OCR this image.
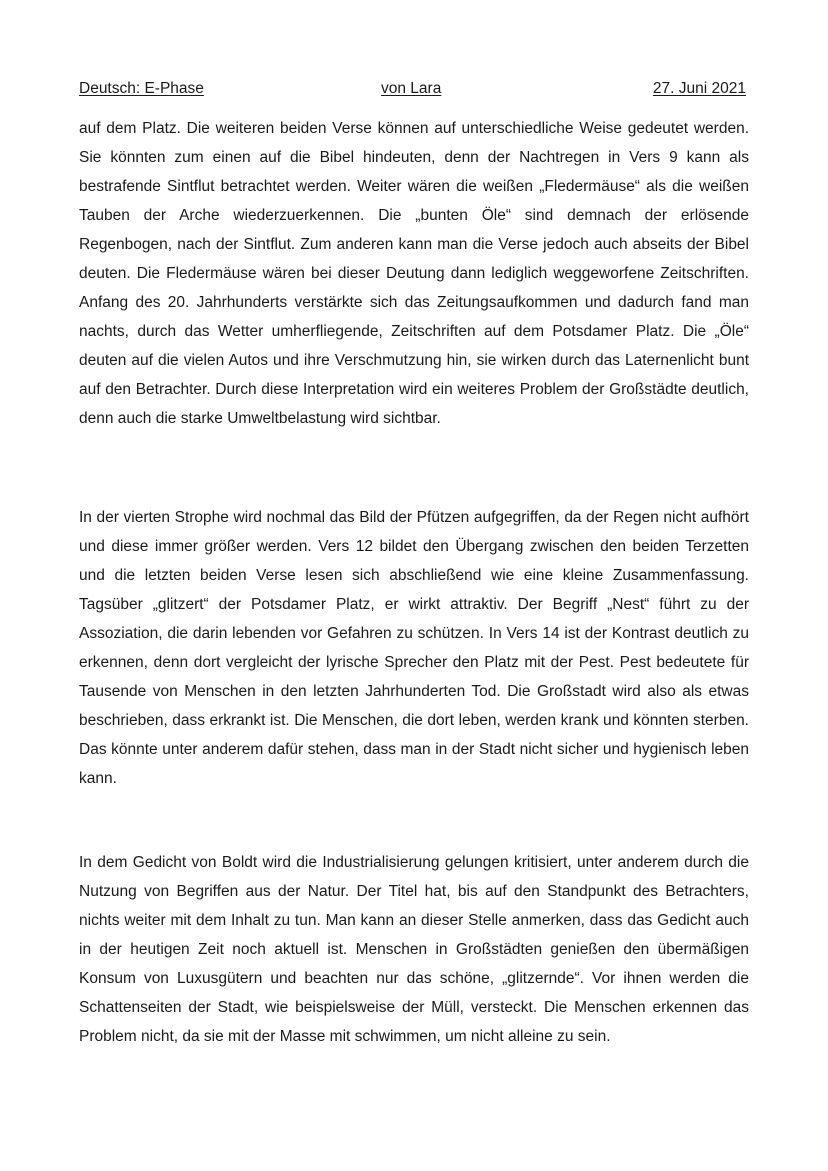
Deutsch: E-Phase	von Lara	27. Juni 2021

auf dem Platz. Die weiteren beiden Verse können auf unterschiedliche Weise gedeutet werden. Sie könnten zum einen auf die Bibel hindeuten, denn der Nachtregen in Vers 9 kann als bestrafende Sintflut betrachtet werden. Weiter wären die weißen „Fledermäuse“ als die weißen Tauben der Arche wiederzuerkennen. Die „bunten Öle“ sind demnach der erlösende Regenbogen, nach der Sintflut. Zum anderen kann man die Verse jedoch auch abseits der Bibel deuten. Die Fledermäuse wären bei dieser Deutung dann lediglich weggeworfene Zeitschriften. Anfang des 20. Jahrhunderts verstärkte sich das Zeitungsaufkommen und dadurch fand man nachts, durch das Wetter umherfliegende, Zeitschriften auf dem Potsdamer Platz. Die „Öle“ deuten auf die vielen Autos und ihre Verschmutzung hin, sie wirken durch das Laternenlicht bunt auf den Betrachter. Durch diese Interpretation wird ein weiteres Problem der Großstädte deutlich, denn auch die starke Umweltbelastung wird sichtbar.

In der vierten Strophe wird nochmal das Bild der Pfützen aufgegriffen, da der Regen nicht aufhört und diese immer größer werden. Vers 12 bildet den Übergang zwischen den beiden Terzetten und die letzten beiden Verse lesen sich abschließend wie eine kleine Zusammenfassung. Tagsüber „glitzert“ der Potsdamer Platz, er wirkt attraktiv. Der Begriff „Nest“ führt zu der Assoziation, die darin lebenden vor Gefahren zu schützen. In Vers 14 ist der Kontrast deutlich zu erkennen, denn dort vergleicht der lyrische Sprecher den Platz mit der Pest. Pest bedeutete für Tausende von Menschen in den letzten Jahrhunderten Tod. Die Großstadt wird also als etwas beschrieben, dass erkrankt ist. Die Menschen, die dort leben, werden krank und könnten sterben. Das könnte unter anderem dafür stehen, dass man in der Stadt nicht sicher und hygienisch leben kann.

In dem Gedicht von Boldt wird die Industrialisierung gelungen kritisiert, unter anderem durch die Nutzung von Begriffen aus der Natur. Der Titel hat, bis auf den Standpunkt des Betrachters, nichts weiter mit dem Inhalt zu tun. Man kann an dieser Stelle anmerken, dass das Gedicht auch in der heutigen Zeit noch aktuell ist. Menschen in Großstädten genießen den übermäßigen Konsum von Luxusgütern und beachten nur das schöne, „glitzernde“. Vor ihnen werden die Schattenseiten der Stadt, wie beispielsweise der Müll, versteckt. Die Menschen erkennen das Problem nicht, da sie mit der Masse mit schwimmen, um nicht alleine zu sein.
